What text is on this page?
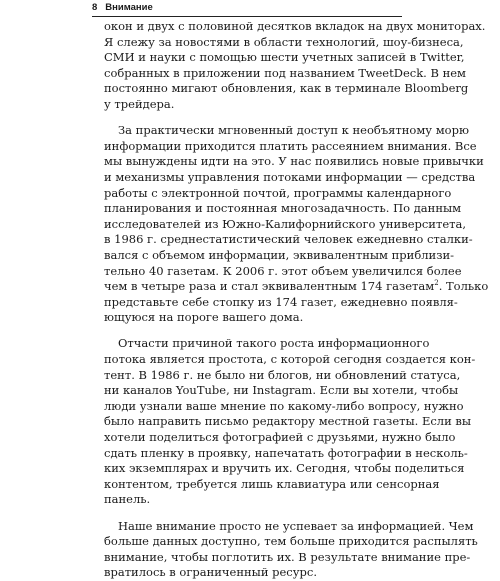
8 Внимание
окон и двух с половиной десятков вкладок на двух мониторах.
Я слежу за новостями в области технологий, шоу-бизнеса,
СМИ и науки с помощью шести учетных записей в Twitter,
собранных в приложении под названием TweetDeck. В нем
постоянно мигают обновления, как в терминале Bloomberg
у трейдера.
За практически мгновенный доступ к необъятному морю
информации приходится платить рассеянием внимания. Все
мы вынуждены идти на это. У нас появились новые привычки
и механизмы управления потоками информации — средства
работы с электронной почтой, программы календарного
планирования и постоянная многозадачность. По данным
исследователей из Южно-Калифорнийского университета,
в 1986 г. среднестатистический человек ежедневно сталки-
вался с объемом информации, эквивалентным приблизи-
тельно 40 газетам. К 2006 г. этот объем увеличился более
чем в четыре раза и стал эквивалентным 174 газетам$^2$. Только
представьте себе стопку из 174 газет, ежедневно появля-
ющуюся на пороге вашего дома.
Отчасти причиной такого роста информационного
потока является простота, с которой сегодня создается кон-
тент. В 1986 г. не было ни блогов, ни обновлений статуса,
ни каналов YouTube, ни Instagram. Если вы хотели, чтобы
люди узнали ваше мнение по какому-либо вопросу, нужно
было направить письмо редактору местной газеты. Если вы
хотели поделиться фотографией с друзьями, нужно было
сдать пленку в проявку, напечатать фотографии в несколь-
ких экземплярах и вручить их. Сегодня, чтобы поделиться
контентом, требуется лишь клавиатура или сенсорная
панель.
Наше внимание просто не успевает за информацией. Чем
больше данных доступно, тем больше приходится распылять
внимание, чтобы поглотить их. В результате внимание пре-
вратилось в ограниченный ресурс.
